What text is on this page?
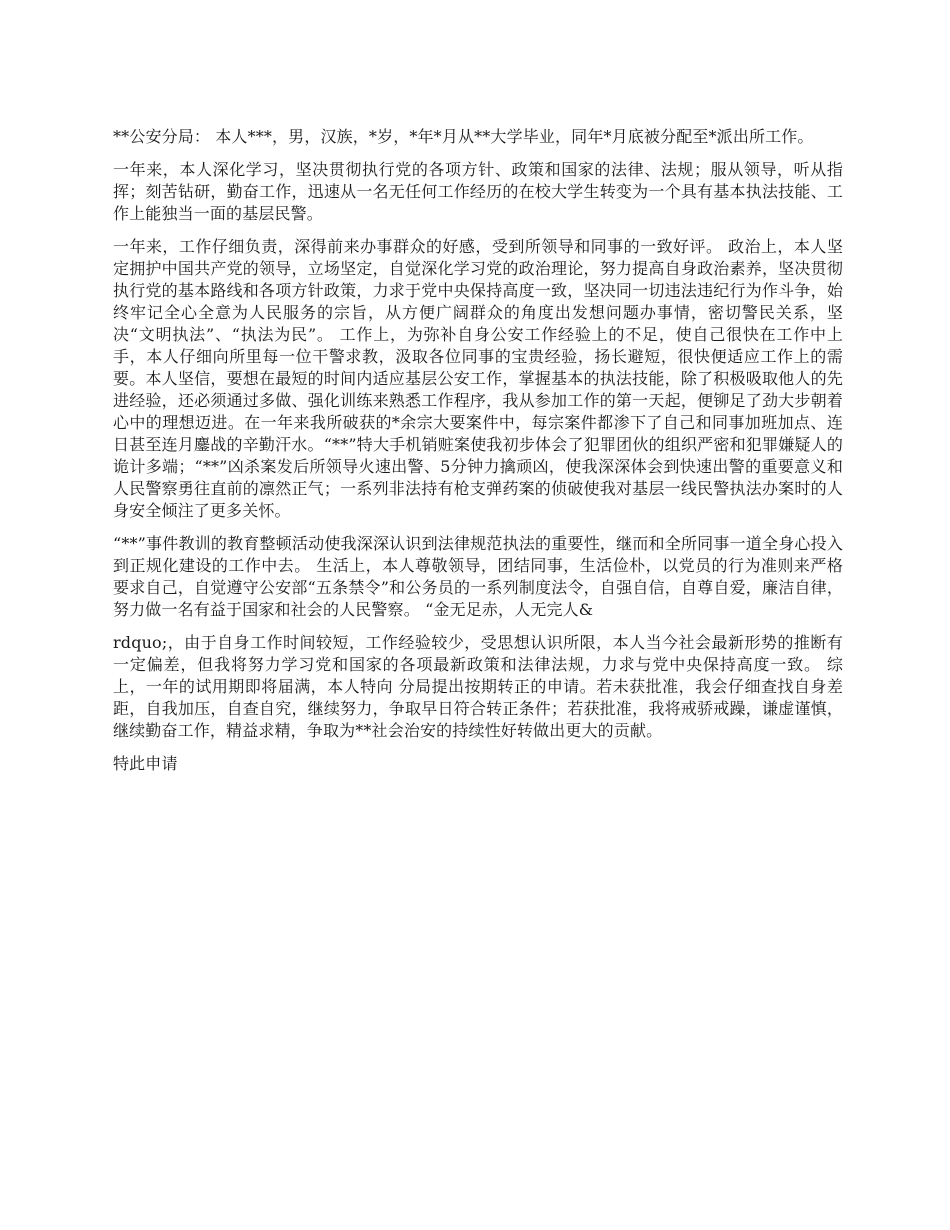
**公安分局： 本人***，男，汉族，*岁，*年*月从**大学毕业，同年*月底被分配至*派出所工作。

一年来，本人深化学习，坚决贯彻执行党的各项方针、政策和国家的法律、法规；服从领导，听从指挥；刻苦钻研，勤奋工作，迅速从一名无任何工作经历的在校大学生转变为一个具有基本执法技能、工作上能独当一面的基层民警。

一年来，工作仔细负责，深得前来办事群众的好感，受到所领导和同事的一致好评。 政治上，本人坚定拥护中国共产党的领导，立场坚定，自觉深化学习党的政治理论，努力提高自身政治素养，坚决贯彻执行党的基本路线和各项方针政策，力求于党中央保持高度一致，坚决同一切违法违纪行为作斗争，始终牢记全心全意为人民服务的宗旨，从方便广阔群众的角度出发想问题办事情，密切警民关系，坚决“文明执法”、“执法为民”。 工作上，为弥补自身公安工作经验上的不足，使自己很快在工作中上手，本人仔细向所里每一位干警求教，汲取各位同事的宝贵经验，扬长避短，很快便适应工作上的需要。本人坚信，要想在最短的时间内适应基层公安工作，掌握基本的执法技能，除了积极吸取他人的先进经验，还必须通过多做、强化训练来熟悉工作程序，我从参加工作的第一天起，便铆足了劲大步朝着心中的理想迈进。在一年来我所破获的*余宗大要案件中，每宗案件都渗下了自己和同事加班加点、连日甚至连月鏖战的辛勤汗水。“**”特大手机销赃案使我初步体会了犯罪团伙的组织严密和犯罪嫌疑人的诡计多端；“**”凶杀案发后所领导火速出警、5分钟力擒顽凶，使我深深体会到快速出警的重要意义和人民警察勇往直前的凛然正气；一系列非法持有枪支弹药案的侦破使我对基层一线民警执法办案时的人身安全倾注了更多关怀。

“**”事件教训的教育整顿活动使我深深认识到法律规范执法的重要性，继而和全所同事一道全身心投入到正规化建设的工作中去。 生活上，本人尊敬领导，团结同事，生活俭朴，以党员的行为准则来严格要求自己，自觉遵守公安部“五条禁令”和公务员的一系列制度法令，自强自信，自尊自爱，廉洁自律，努力做一名有益于国家和社会的人民警察。 “金无足赤，人无完人&

rdquo;，由于自身工作时间较短，工作经验较少，受思想认识所限，本人当今社会最新形势的推断有一定偏差，但我将努力学习党和国家的各项最新政策和法律法规，力求与党中央保持高度一致。 综上，一年的试用期即将届满，本人特向 分局提出按期转正的申请。若未获批准，我会仔细查找自身差距，自我加压，自查自究，继续努力，争取早日符合转正条件；若获批准，我将戒骄戒躁，谦虚谨慎，继续勤奋工作，精益求精，争取为**社会治安的持续性好转做出更大的贡献。

特此申请
